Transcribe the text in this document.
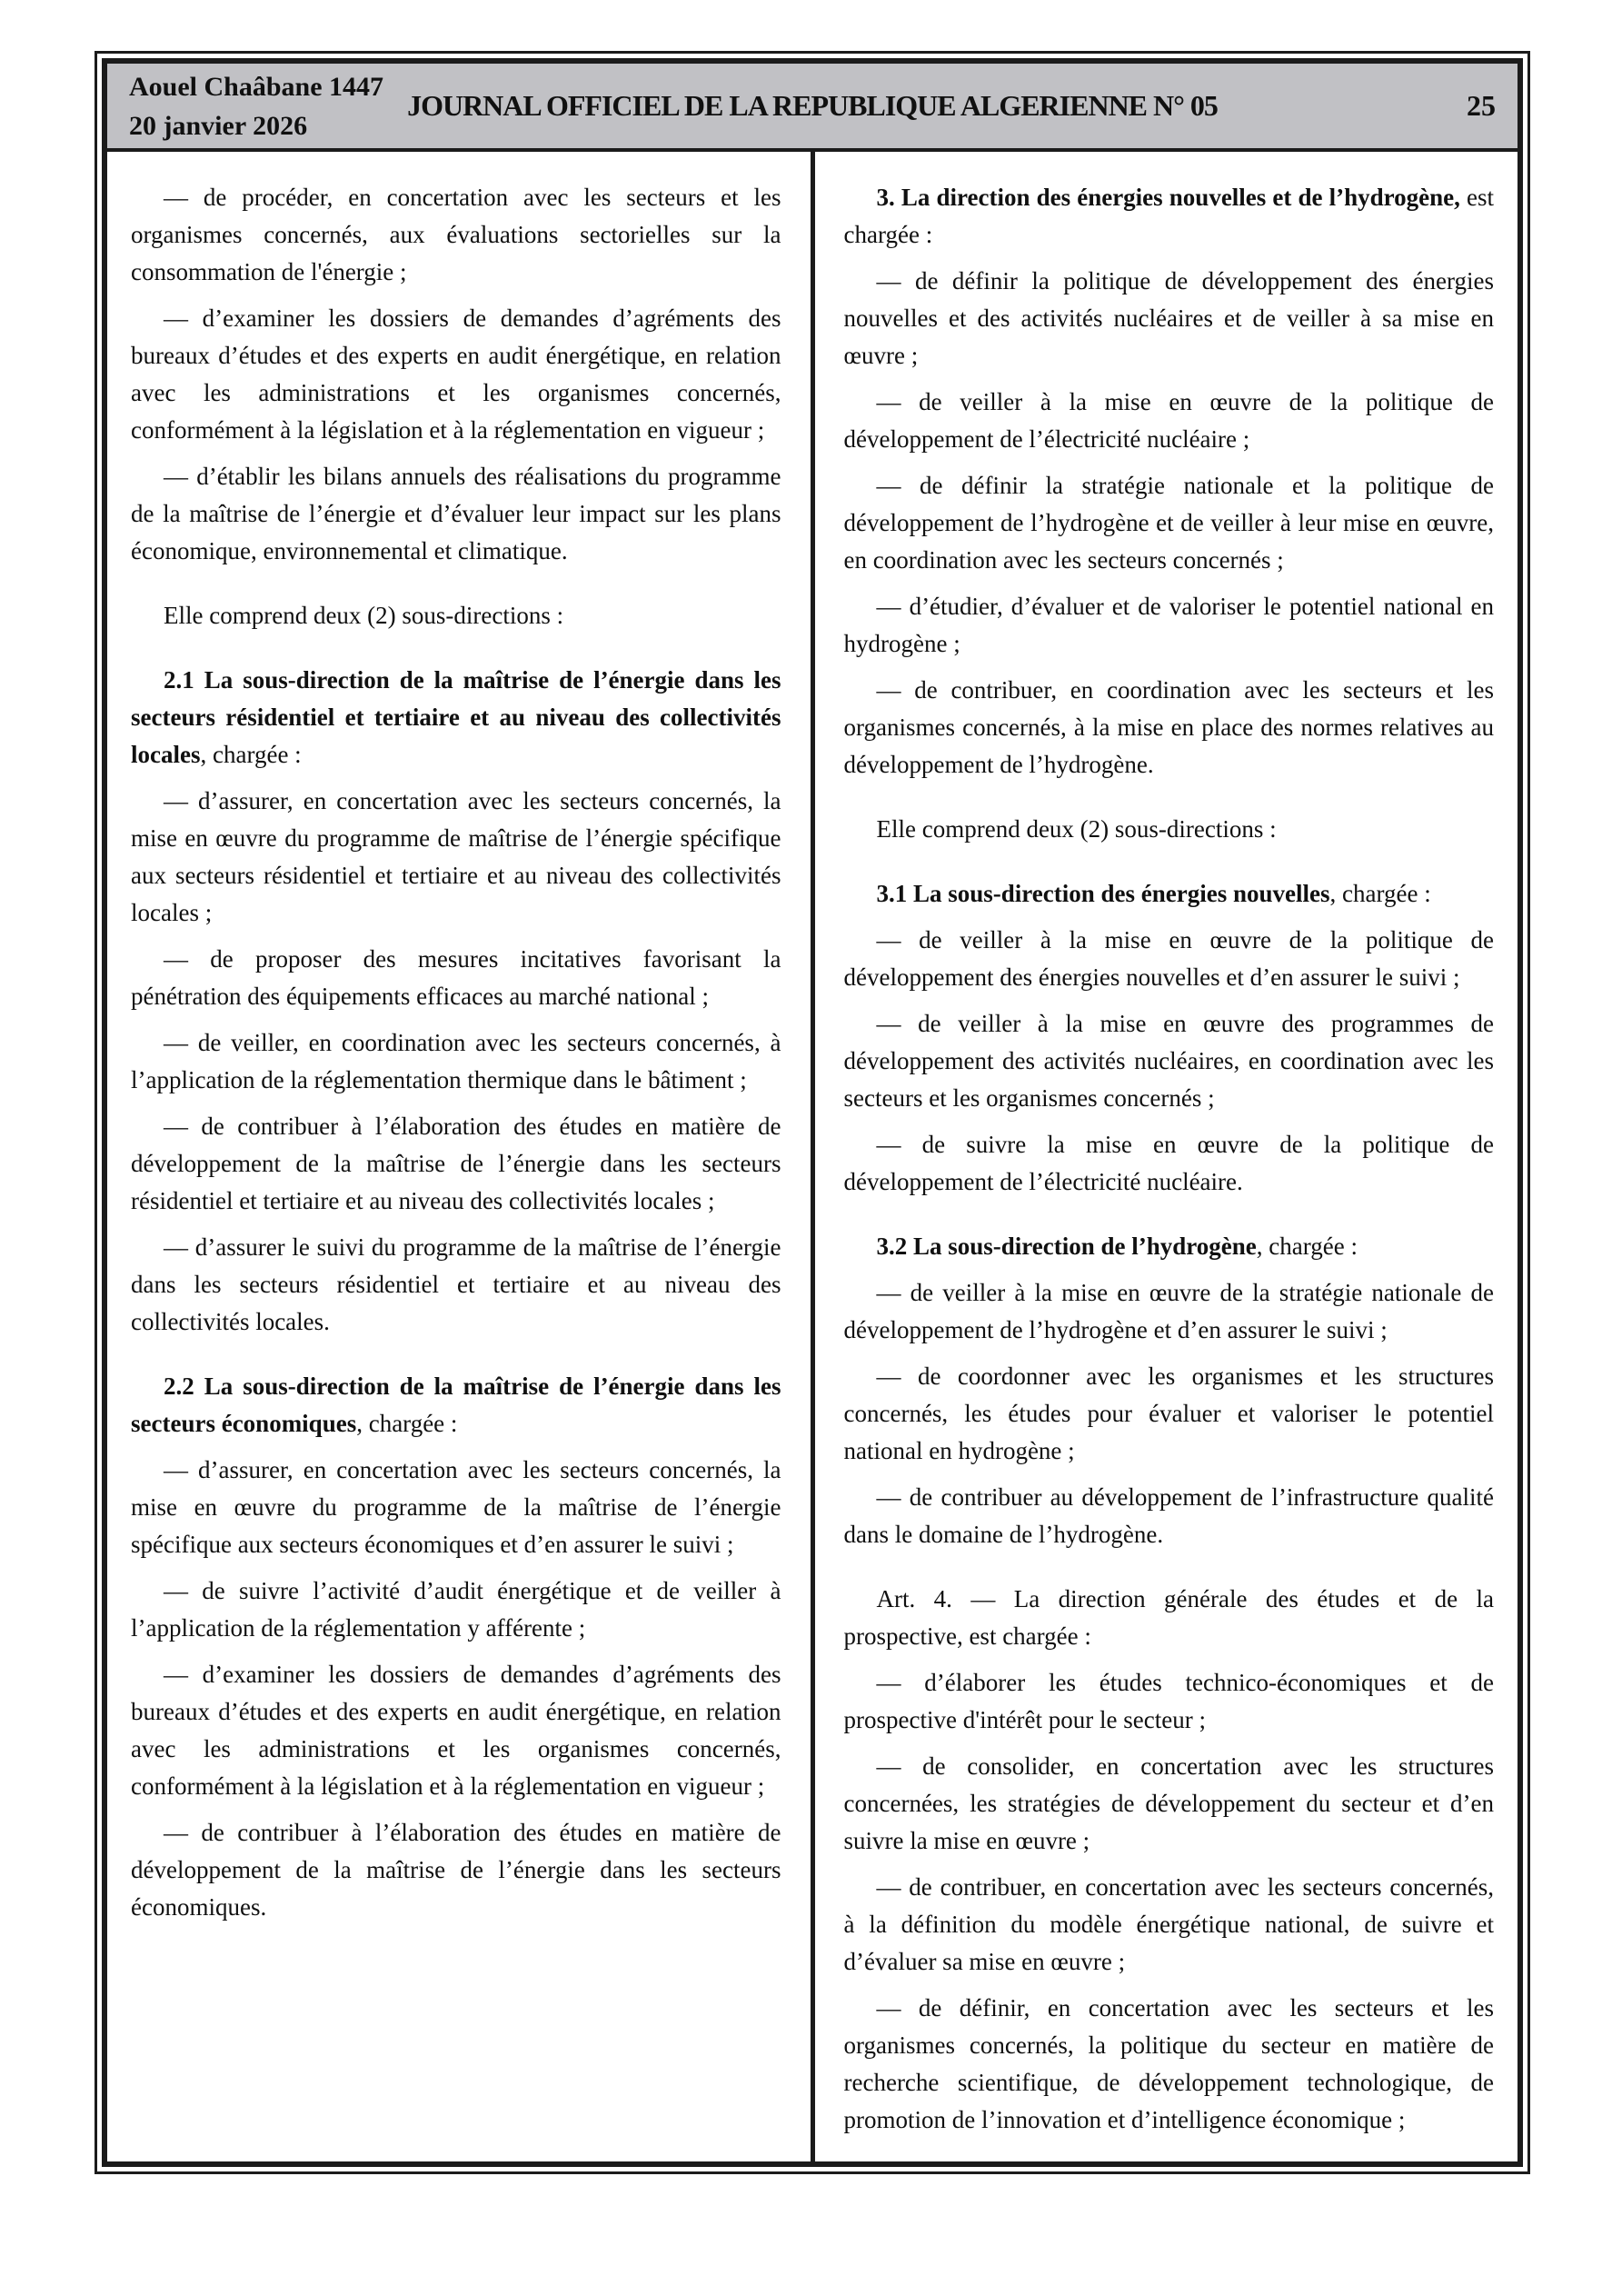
Aouel Chaâbane 1447
20 janvier 2026
JOURNAL OFFICIEL DE LA REPUBLIQUE ALGERIENNE N° 05	25

— de procéder, en concertation avec les secteurs et les organismes concernés, aux évaluations sectorielles sur la consommation de l'énergie ;

— d’examiner les dossiers de demandes d’agréments des bureaux d’études et des experts en audit énergétique, en relation avec les administrations et les organismes concernés, conformément à la législation et à la réglementation en vigueur ;

— d’établir les bilans annuels des réalisations du programme de la maîtrise de l’énergie et d’évaluer leur impact sur les plans économique, environnemental et climatique.

Elle comprend deux (2) sous-directions :

2.1 La sous-direction de la maîtrise de l’énergie dans les secteurs résidentiel et tertiaire et au niveau des collectivités locales, chargée :

— d’assurer, en concertation avec les secteurs concernés, la mise en œuvre du programme de maîtrise de l’énergie spécifique aux secteurs résidentiel et tertiaire et au niveau des collectivités locales ;

— de proposer des mesures incitatives favorisant la pénétration des équipements efficaces au marché national ;

— de veiller, en coordination avec les secteurs concernés, à l’application de la réglementation thermique dans le bâtiment ;

— de contribuer à l’élaboration des études en matière de développement de la maîtrise de l’énergie dans les secteurs résidentiel et tertiaire et au niveau des collectivités locales ;

— d’assurer le suivi du programme de la maîtrise de l’énergie dans les secteurs résidentiel et tertiaire et au niveau des collectivités locales.

2.2 La sous-direction de la maîtrise de l’énergie dans les secteurs économiques, chargée :

— d’assurer, en concertation avec les secteurs concernés, la mise en œuvre du programme de la maîtrise de l’énergie spécifique aux secteurs économiques et d’en assurer le suivi ;

— de suivre l’activité d’audit énergétique et de veiller à l’application de la réglementation y afférente ;

— d’examiner les dossiers de demandes d’agréments des bureaux d’études et des experts en audit énergétique, en relation avec les administrations et les organismes concernés, conformément à la législation et à la réglementation en vigueur ;

— de contribuer à l’élaboration des études en matière de développement de la maîtrise de l’énergie dans les secteurs économiques.

3. La direction des énergies nouvelles et de l’hydrogène, est chargée :

— de définir la politique de développement des énergies nouvelles et des activités nucléaires et de veiller à sa mise en œuvre ;

— de veiller à la mise en œuvre de la politique de développement de l’électricité nucléaire ;

— de définir la stratégie nationale et la politique de développement de l’hydrogène et de veiller à leur mise en œuvre, en coordination avec les secteurs concernés ;

— d’étudier, d’évaluer et de valoriser le potentiel national en hydrogène ;

— de contribuer, en coordination avec les secteurs et les organismes concernés, à la mise en place des normes relatives au développement de l’hydrogène.

Elle comprend deux (2) sous-directions :

3.1 La sous-direction des énergies nouvelles, chargée :

— de veiller à la mise en œuvre de la politique de développement des énergies nouvelles et d’en assurer le suivi ;

— de veiller à la mise en œuvre des programmes de développement des activités nucléaires, en coordination avec les secteurs et les organismes concernés ;

— de suivre la mise en œuvre de la politique de développement de l’électricité nucléaire.

3.2 La sous-direction de l’hydrogène, chargée :

— de veiller à la mise en œuvre de la stratégie nationale de développement de l’hydrogène et d’en assurer le suivi ;

— de coordonner avec les organismes et les structures concernés, les études pour évaluer et valoriser le potentiel national en hydrogène ;

— de contribuer au développement de l’infrastructure qualité dans le domaine de l’hydrogène.

Art. 4. — La direction générale des études et de la prospective, est chargée :

— d’élaborer les études technico-économiques et de prospective d'intérêt pour le secteur ;

— de consolider, en concertation avec les structures concernées, les stratégies de développement du secteur et d’en suivre la mise en œuvre ;

— de contribuer, en concertation avec les secteurs concernés, à la définition du modèle énergétique national, de suivre et d’évaluer sa mise en œuvre ;

— de définir, en concertation avec les secteurs et les organismes concernés, la politique du secteur en matière de recherche scientifique, de développement technologique, de promotion de l’innovation et d’intelligence économique ;
